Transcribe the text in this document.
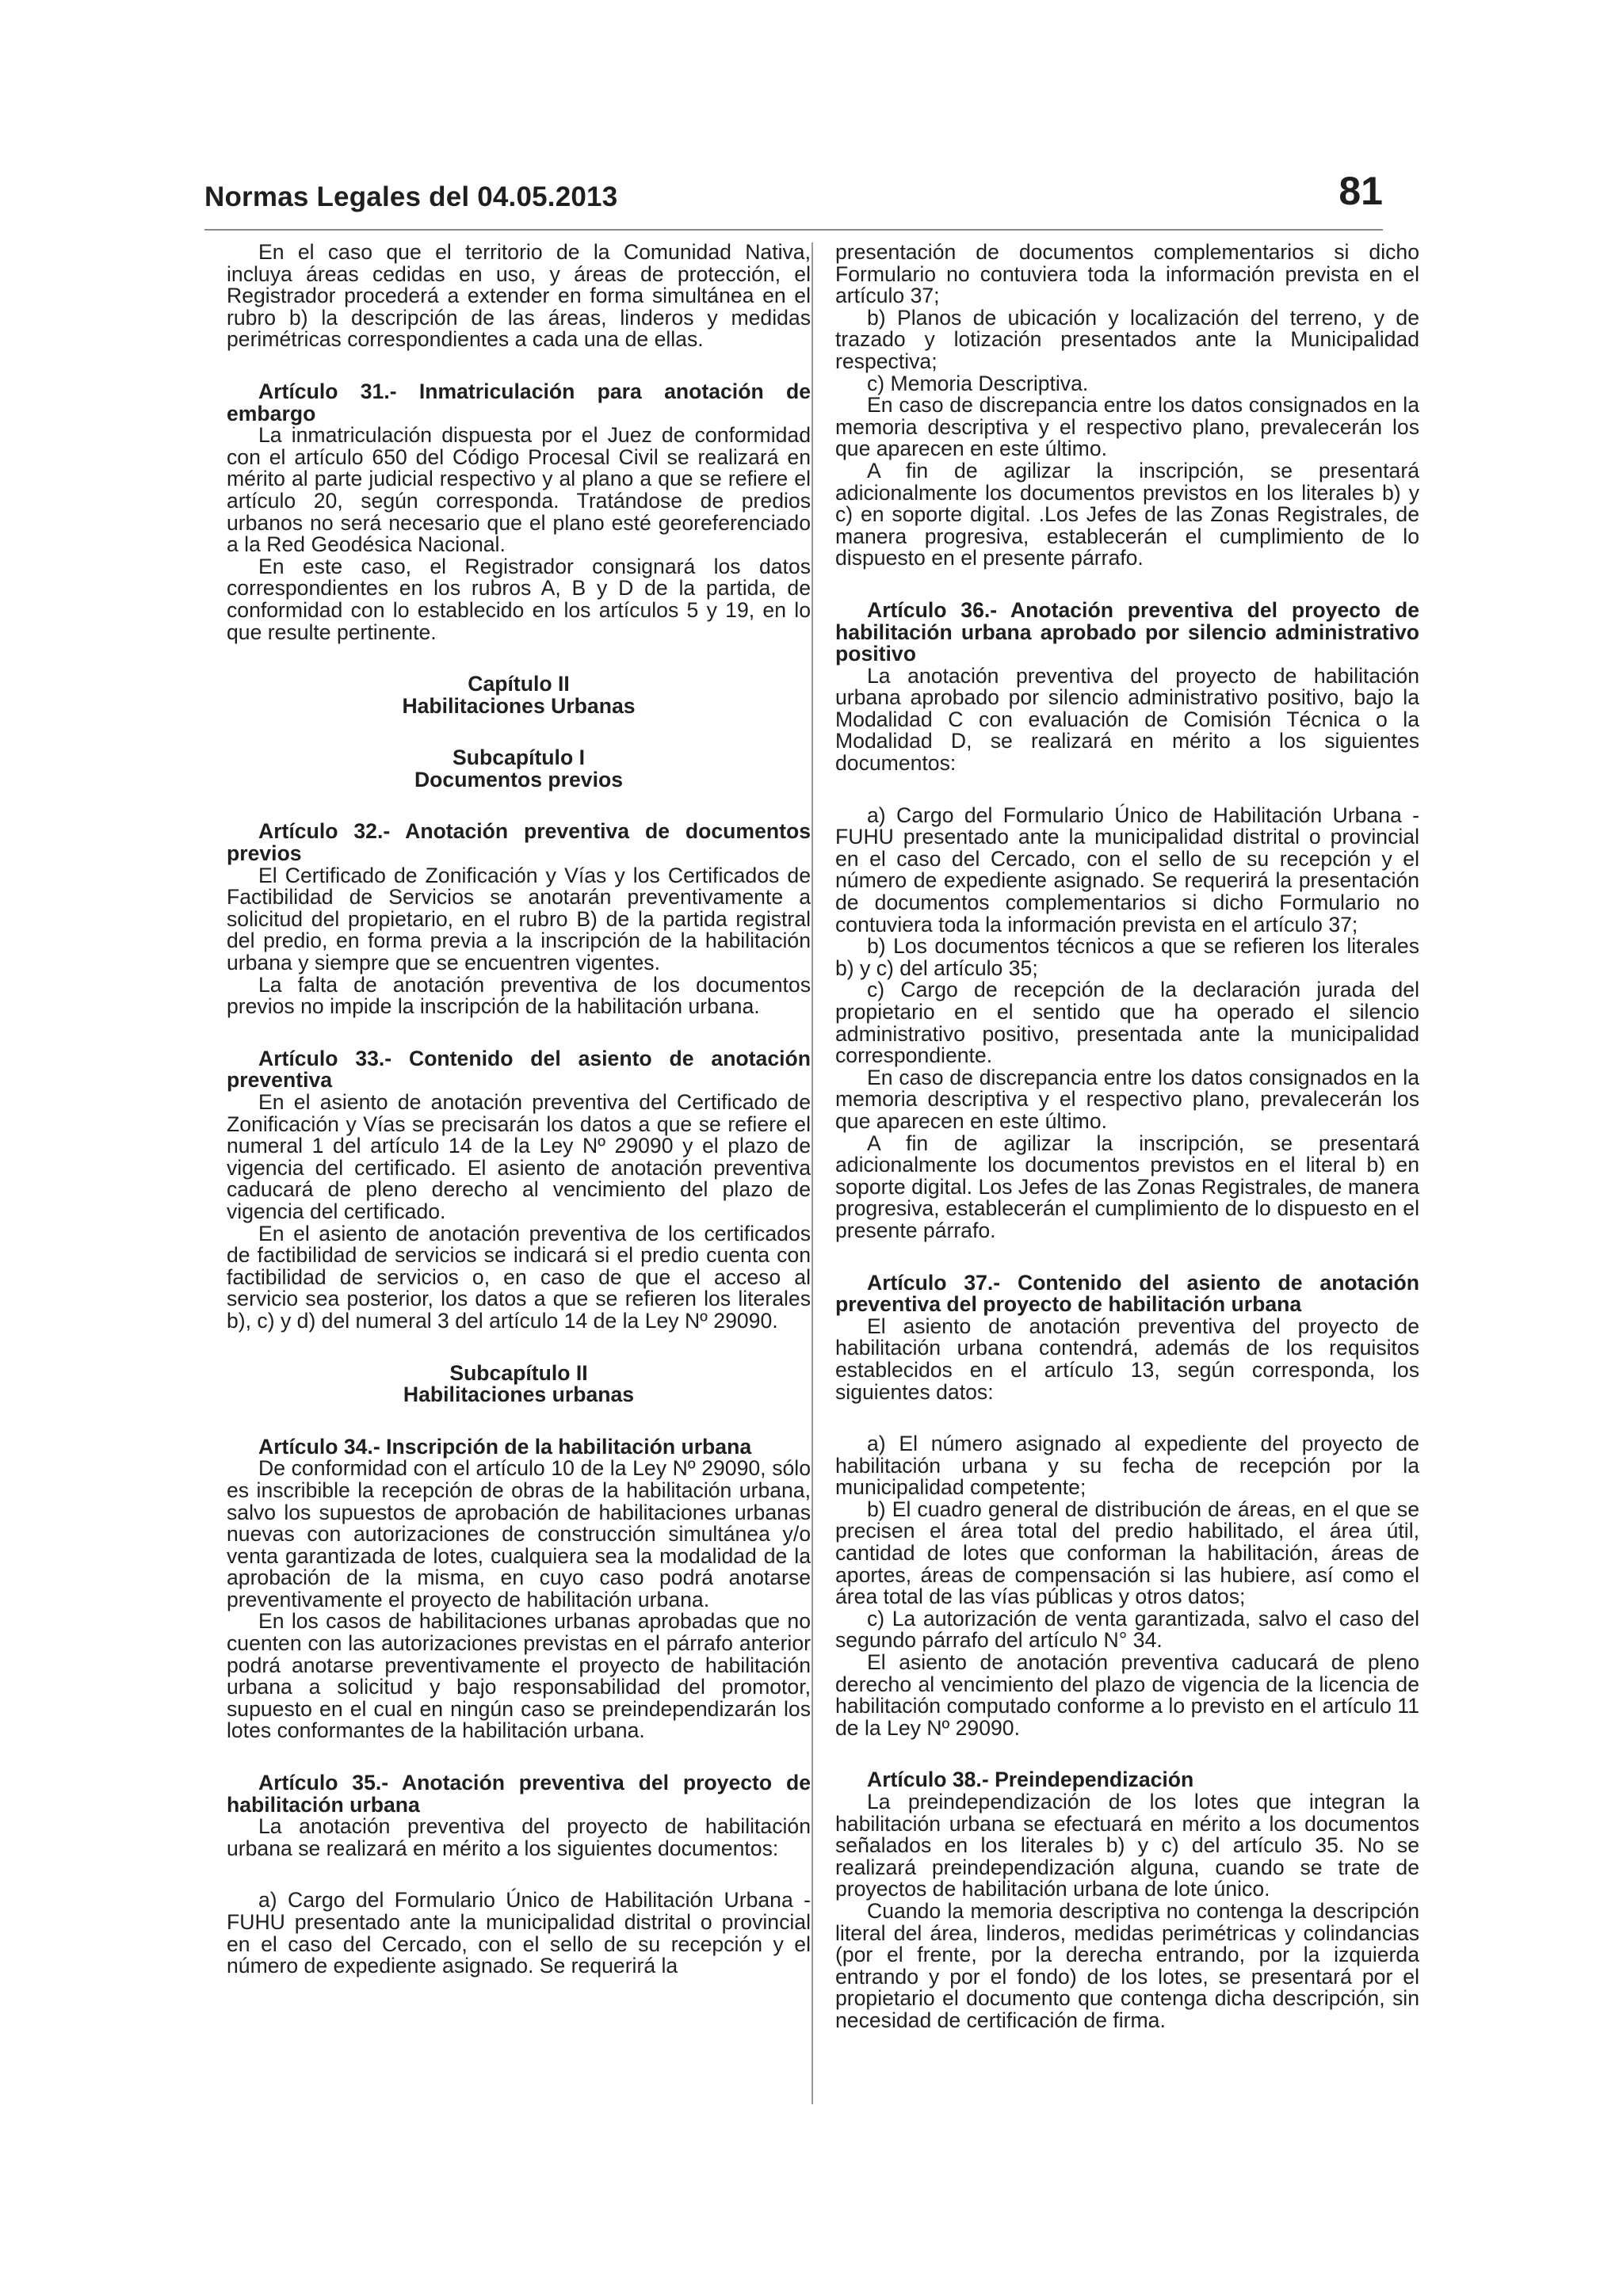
Normas Legales del 04.05.2013	81

En el caso que el territorio de la Comunidad Nativa, incluya áreas cedidas en uso, y áreas de protección, el Registrador procederá a extender en forma simultánea en el rubro b) la descripción de las áreas, linderos y medidas perimétricas correspondientes a cada una de ellas.

Artículo 31.- Inmatriculación para anotación de embargo

La inmatriculación dispuesta por el Juez de conformidad con el artículo 650 del Código Procesal Civil se realizará en mérito al parte judicial respectivo y al plano a que se refiere el artículo 20, según corresponda. Tratándose de predios urbanos no será necesario que el plano esté georeferenciado a la Red Geodésica Nacional.

En este caso, el Registrador consignará los datos correspondientes en los rubros A, B y D de la partida, de conformidad con lo establecido en los artículos 5 y 19, en lo que resulte pertinente.

Capítulo II

Habilitaciones Urbanas

Subcapítulo I

Documentos previos

Artículo 32.- Anotación preventiva de documentos previos

El Certificado de Zonificación y Vías y los Certificados de Factibilidad de Servicios se anotarán preventivamente a solicitud del propietario, en el rubro B) de la partida registral del predio, en forma previa a la inscripción de la habilitación urbana y siempre que se encuentren vigentes.

La falta de anotación preventiva de los documentos previos no impide la inscripción de la habilitación urbana.

Artículo 33.- Contenido del asiento de anotación preventiva

En el asiento de anotación preventiva del Certificado de Zonificación y Vías se precisarán los datos a que se refiere el numeral 1 del artículo 14 de la Ley Nº 29090 y el plazo de vigencia del certificado. El asiento de anotación preventiva caducará de pleno derecho al vencimiento del plazo de vigencia del certificado.

En el asiento de anotación preventiva de los certificados de factibilidad de servicios se indicará si el predio cuenta con factibilidad de servicios o, en caso de que el acceso al servicio sea posterior, los datos a que se refieren los literales b), c) y d) del numeral 3 del artículo 14 de la Ley Nº 29090.

Subcapítulo II

Habilitaciones urbanas

Artículo 34.- Inscripción de la habilitación urbana

De conformidad con el artículo 10 de la Ley Nº 29090, sólo es inscribible la recepción de obras de la habilitación urbana, salvo los supuestos de aprobación de habilitaciones urbanas nuevas con autorizaciones de construcción simultánea y/o venta garantizada de lotes, cualquiera sea la modalidad de la aprobación de la misma, en cuyo caso podrá anotarse preventivamente el proyecto de habilitación urbana.

En los casos de habilitaciones urbanas aprobadas que no cuenten con las autorizaciones previstas en el párrafo anterior podrá anotarse preventivamente el proyecto de habilitación urbana a solicitud y bajo responsabilidad del promotor, supuesto en el cual en ningún caso se preindependizarán los lotes conformantes de la habilitación urbana.

Artículo 35.- Anotación preventiva del proyecto de habilitación urbana

La anotación preventiva del proyecto de habilitación urbana se realizará en mérito a los siguientes documentos:

a) Cargo del Formulario Único de Habilitación Urbana - FUHU presentado ante la municipalidad distrital o provincial en el caso del Cercado, con el sello de su recepción y el número de expediente asignado. Se requerirá la

presentación de documentos complementarios si dicho Formulario no contuviera toda la información prevista en el artículo 37;

b) Planos de ubicación y localización del terreno, y de trazado y lotización presentados ante la Municipalidad respectiva;

c) Memoria Descriptiva.

En caso de discrepancia entre los datos consignados en la memoria descriptiva y el respectivo plano, prevalecerán los que aparecen en este último.

A fin de agilizar la inscripción, se presentará adicionalmente los documentos previstos en los literales b) y c) en soporte digital. .Los Jefes de las Zonas Registrales, de manera progresiva, establecerán el cumplimiento de lo dispuesto en el presente párrafo.

Artículo 36.- Anotación preventiva del proyecto de habilitación urbana aprobado por silencio administrativo positivo

La anotación preventiva del proyecto de habilitación urbana aprobado por silencio administrativo positivo, bajo la Modalidad C con evaluación de Comisión Técnica o la Modalidad D, se realizará en mérito a los siguientes documentos:

a) Cargo del Formulario Único de Habilitación Urbana - FUHU presentado ante la municipalidad distrital o provincial en el caso del Cercado, con el sello de su recepción y el número de expediente asignado. Se requerirá la presentación de documentos complementarios si dicho Formulario no contuviera toda la información prevista en el artículo 37;

b) Los documentos técnicos a que se refieren los literales b) y c) del artículo 35;

c) Cargo de recepción de la declaración jurada del propietario en el sentido que ha operado el silencio administrativo positivo, presentada ante la municipalidad correspondiente.

En caso de discrepancia entre los datos consignados en la memoria descriptiva y el respectivo plano, prevalecerán los que aparecen en este último.

A fin de agilizar la inscripción, se presentará adicionalmente los documentos previstos en el literal b) en soporte digital. Los Jefes de las Zonas Registrales, de manera progresiva, establecerán el cumplimiento de lo dispuesto en el presente párrafo.

Artículo 37.- Contenido del asiento de anotación preventiva del proyecto de habilitación urbana

El asiento de anotación preventiva del proyecto de habilitación urbana contendrá, además de los requisitos establecidos en el artículo 13, según corresponda, los siguientes datos:

a) El número asignado al expediente del proyecto de habilitación urbana y su fecha de recepción por la municipalidad competente;

b) El cuadro general de distribución de áreas, en el que se precisen el área total del predio habilitado, el área útil, cantidad de lotes que conforman la habilitación, áreas de aportes, áreas de compensación si las hubiere, así como el área total de las vías públicas y otros datos;

c) La autorización de venta garantizada, salvo el caso del segundo párrafo del artículo N° 34.

El asiento de anotación preventiva caducará de pleno derecho al vencimiento del plazo de vigencia de la licencia de habilitación computado conforme a lo previsto en el artículo 11 de la Ley Nº 29090.

Artículo 38.- Preindependización

La preindependización de los lotes que integran la habilitación urbana se efectuará en mérito a los documentos señalados en los literales b) y c) del artículo 35. No se realizará preindependización alguna, cuando se trate de proyectos de habilitación urbana de lote único.

Cuando la memoria descriptiva no contenga la descripción literal del área, linderos, medidas perimétricas y colindancias (por el frente, por la derecha entrando, por la izquierda entrando y por el fondo) de los lotes, se presentará por el propietario el documento que contenga dicha descripción, sin necesidad de certificación de firma.
